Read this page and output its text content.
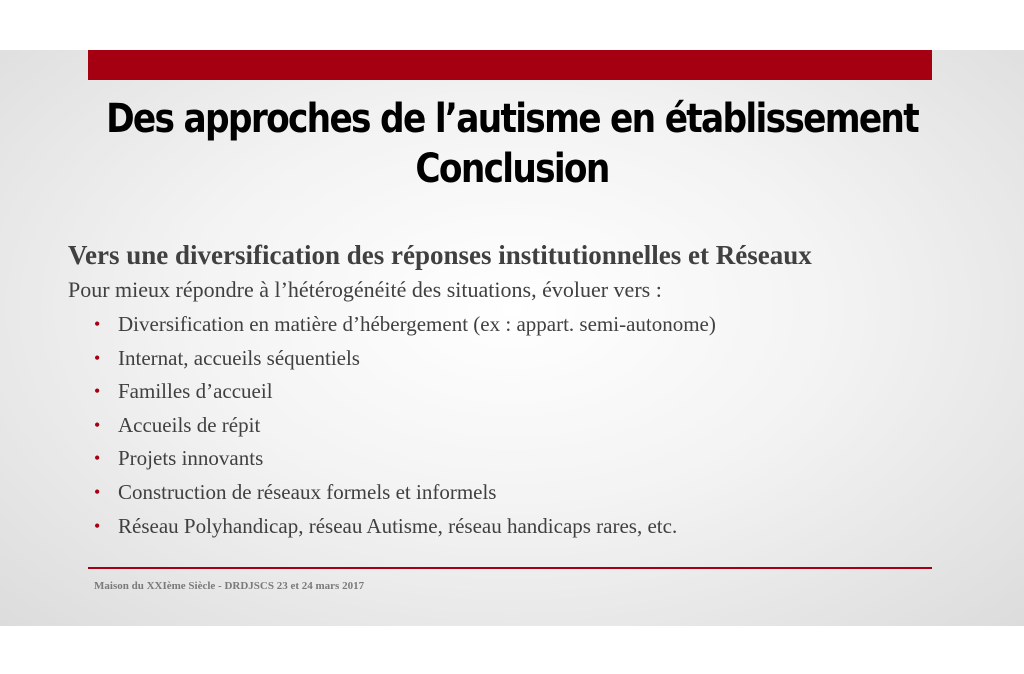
Des approches de l’autisme en établissement
Conclusion

Vers une diversification des réponses institutionnelles et Réseaux

Pour mieux répondre à l’hétérogénéité des situations, évoluer vers :

• Diversification en matière d’hébergement (ex : appart. semi-autonome)
• Internat, accueils séquentiels
• Familles d’accueil
• Accueils de répit
• Projets innovants
• Construction de réseaux formels et informels
• Réseau Polyhandicap, réseau Autisme, réseau handicaps rares, etc.
Maison du XXIème Siècle - DRDJSCS 23 et 24 mars 2017
